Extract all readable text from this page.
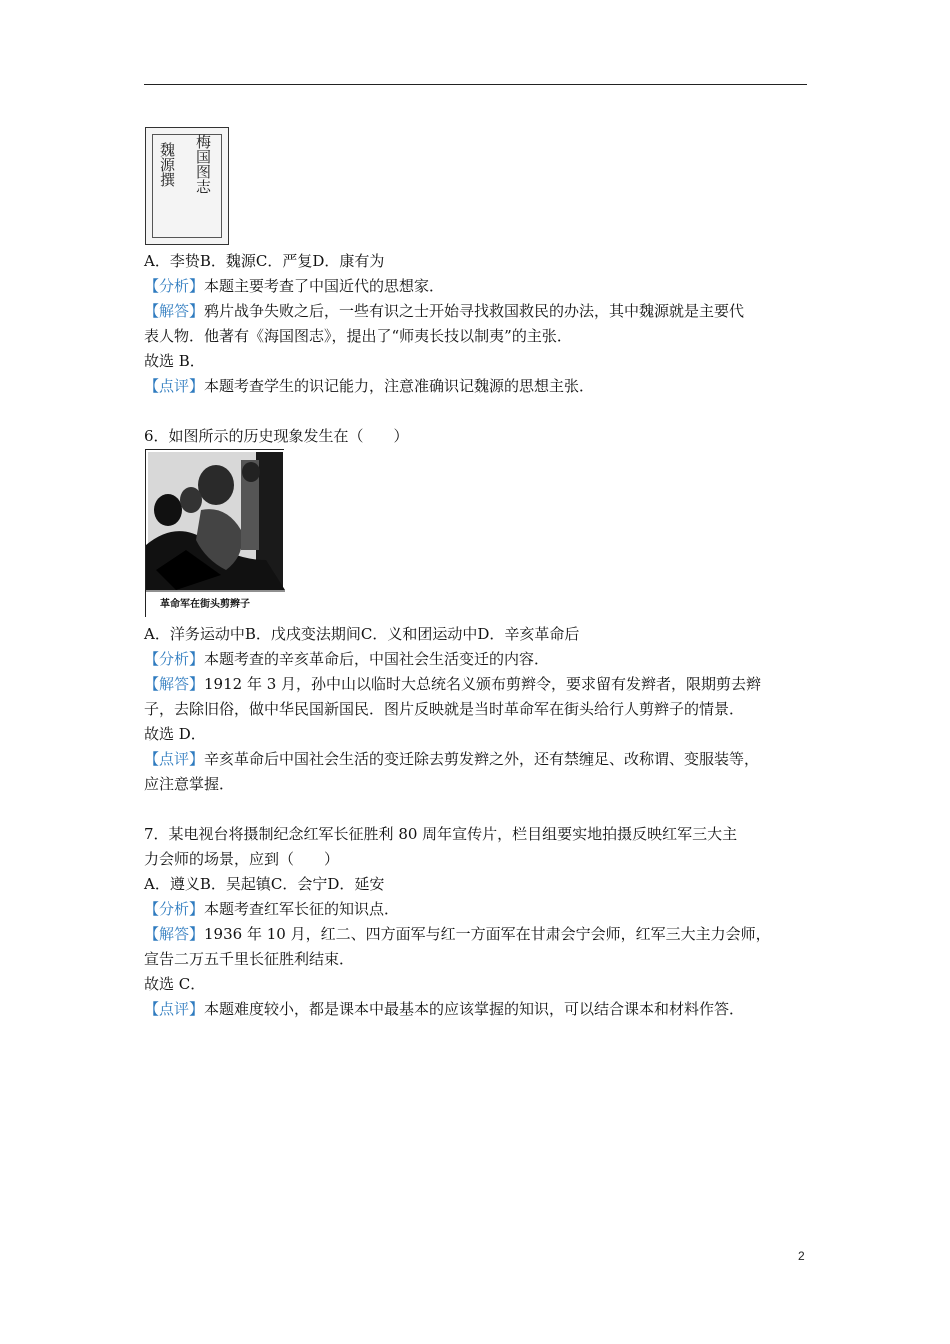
梅国图志
魏源撰
A．李贽B．魏源C．严复D．康有为
【分析】本题主要考查了中国近代的思想家．
【解答】鸦片战争失败之后，一些有识之士开始寻找救国救民的办法，其中魏源就是主要代
表人物．他著有《海国图志》，提出了“师夷长技以制夷”的主张．
故选 B．
【点评】本题考查学生的识记能力，注意准确识记魏源的思想主张．
6．如图所示的历史现象发生在（　　）
革命军在街头剪辫子
A．洋务运动中B．戊戌变法期间C．义和团运动中D．辛亥革命后
【分析】本题考查的辛亥革命后，中国社会生活变迁的内容．
【解答】1912 年 3 月，孙中山以临时大总统名义颁布剪辫令，要求留有发辫者，限期剪去辫
子，去除旧俗，做中华民国新国民．图片反映就是当时革命军在街头给行人剪辫子的情景．
故选 D．
【点评】辛亥革命后中国社会生活的变迁除去剪发辫之外，还有禁缠足、改称谓、变服装等，
应注意掌握．
7．某电视台将摄制纪念红军长征胜利 80 周年宣传片，栏目组要实地拍摄反映红军三大主
力会师的场景，应到（　　）
A．遵义B．吴起镇C．会宁D．延安
【分析】本题考查红军长征的知识点．
【解答】1936 年 10 月，红二、四方面军与红一方面军在甘肃会宁会师，红军三大主力会师，
宣告二万五千里长征胜利结束．
故选 C．
【点评】本题难度较小，都是课本中最基本的应该掌握的知识，可以结合课本和材料作答．
2
